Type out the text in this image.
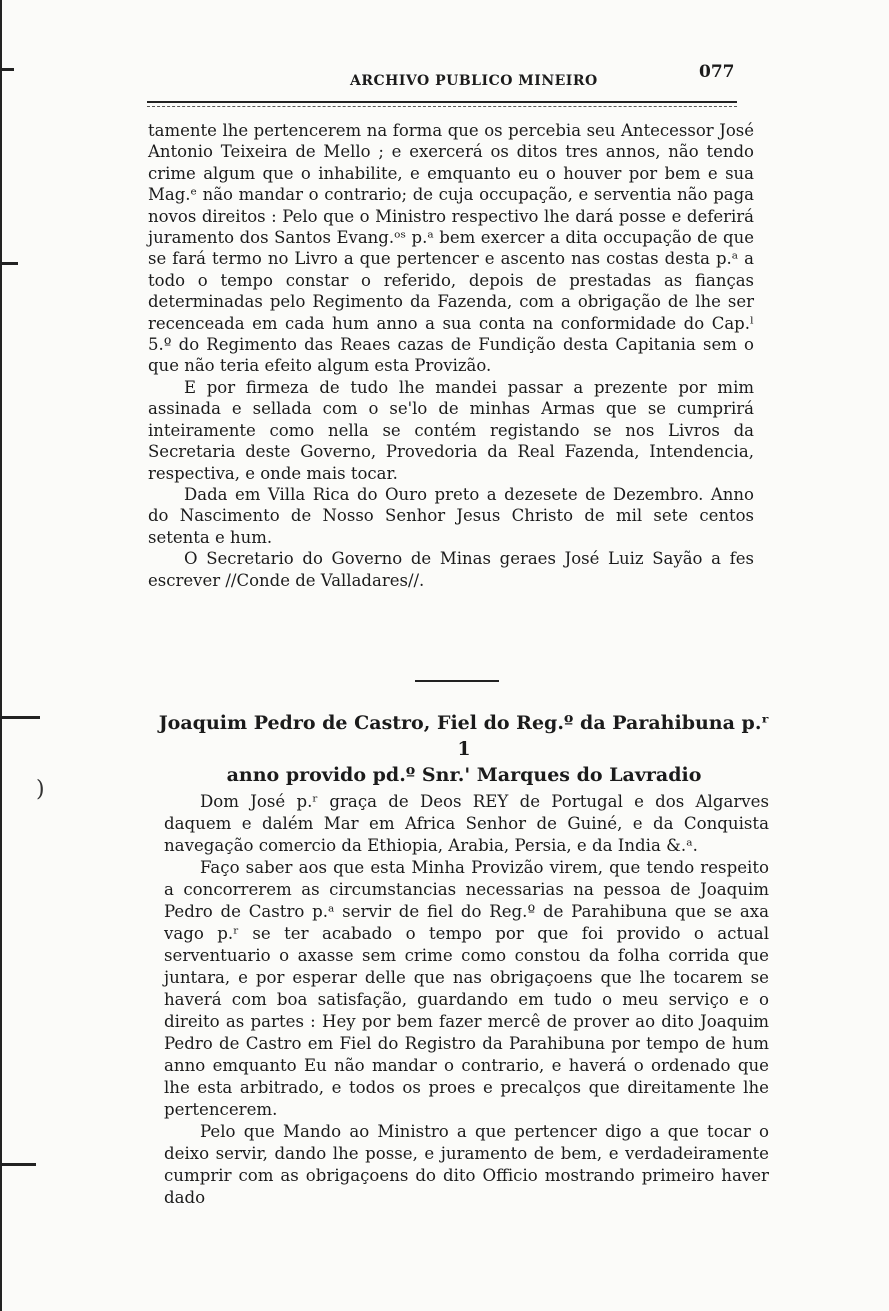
)
ARCHIVO PUBLICO MINEIRO	077

tamente lhe pertencerem na forma que os percebia seu Antecessor José Antonio Teixeira de Mello ; e exercerá os ditos tres annos, não tendo crime algum que o inhabilite, e emquanto eu o houver por bem e sua Mag.ᵉ não mandar o contrario; de cuja occupação, e serventia não paga novos direitos : Pelo que o Ministro respectivo lhe dará posse e deferirá juramento dos Santos Evang.ᵒˢ p.ᵃ bem exercer a dita occupação de que se fará termo no Livro a que pertencer e ascento nas costas desta p.ᵃ a todo o tempo constar o referido, depois de prestadas as fianças determinadas pelo Regimento da Fazenda, com a obrigação de lhe ser recenceada em cada hum anno a sua conta na conformidade do Cap.ˡ 5.º do Regimento das Reaes cazas de Fundição desta Capitania sem o que não teria efeito algum esta Provizão.

E por firmeza de tudo lhe mandei passar a prezente por mim assinada e sellada com o se'lo de minhas Armas que se cumprirá inteiramente como nella se contém registando se nos Livros da Secretaria deste Governo, Provedoria da Real Fazenda, Intendencia, respectiva, e onde mais tocar.

Dada em Villa Rica do Ouro preto a dezesete de Dezembro. Anno do Nascimento de Nosso Senhor Jesus Christo de mil sete centos setenta e hum.

O Secretario do Governo de Minas geraes José Luiz Sayão a fes escrever //Conde de Valladares//.

Joaquim Pedro de Castro, Fiel do Reg.º da Parahibuna p.ʳ 1

anno provido pd.º Snr.' Marques do Lavradio

Dom José p.ʳ graça de Deos REY de Portugal e dos Algarves daquem e dalém Mar em Africa Senhor de Guiné, e da Conquista navegação comercio da Ethiopia, Arabia, Persia, e da India &.ᵃ.

Faço saber aos que esta Minha Provizão virem, que tendo respeito a concorrerem as circumstancias necessarias na pessoa de Joaquim Pedro de Castro p.ᵃ servir de fiel do Reg.º de Parahibuna que se axa vago p.ʳ se ter acabado o tempo por que foi provido o actual serventuario o axasse sem crime como constou da folha corrida que juntara, e por esperar delle que nas obrigaçoens que lhe tocarem se haverá com boa satisfação, guardando em tudo o meu serviço e o direito as partes : Hey por bem fazer mercê de prover ao dito Joaquim Pedro de Castro em Fiel do Registro da Parahibuna por tempo de hum anno emquanto Eu não mandar o contrario, e haverá o ordenado que lhe esta arbitrado, e todos os proes e precalços que direitamente lhe pertencerem.

Pelo que Mando ao Ministro a que pertencer digo a que tocar o deixo servir, dando lhe posse, e juramento de bem, e verdadeiramente cumprir com as obrigaçoens do dito Officio mostrando primeiro haver dado
